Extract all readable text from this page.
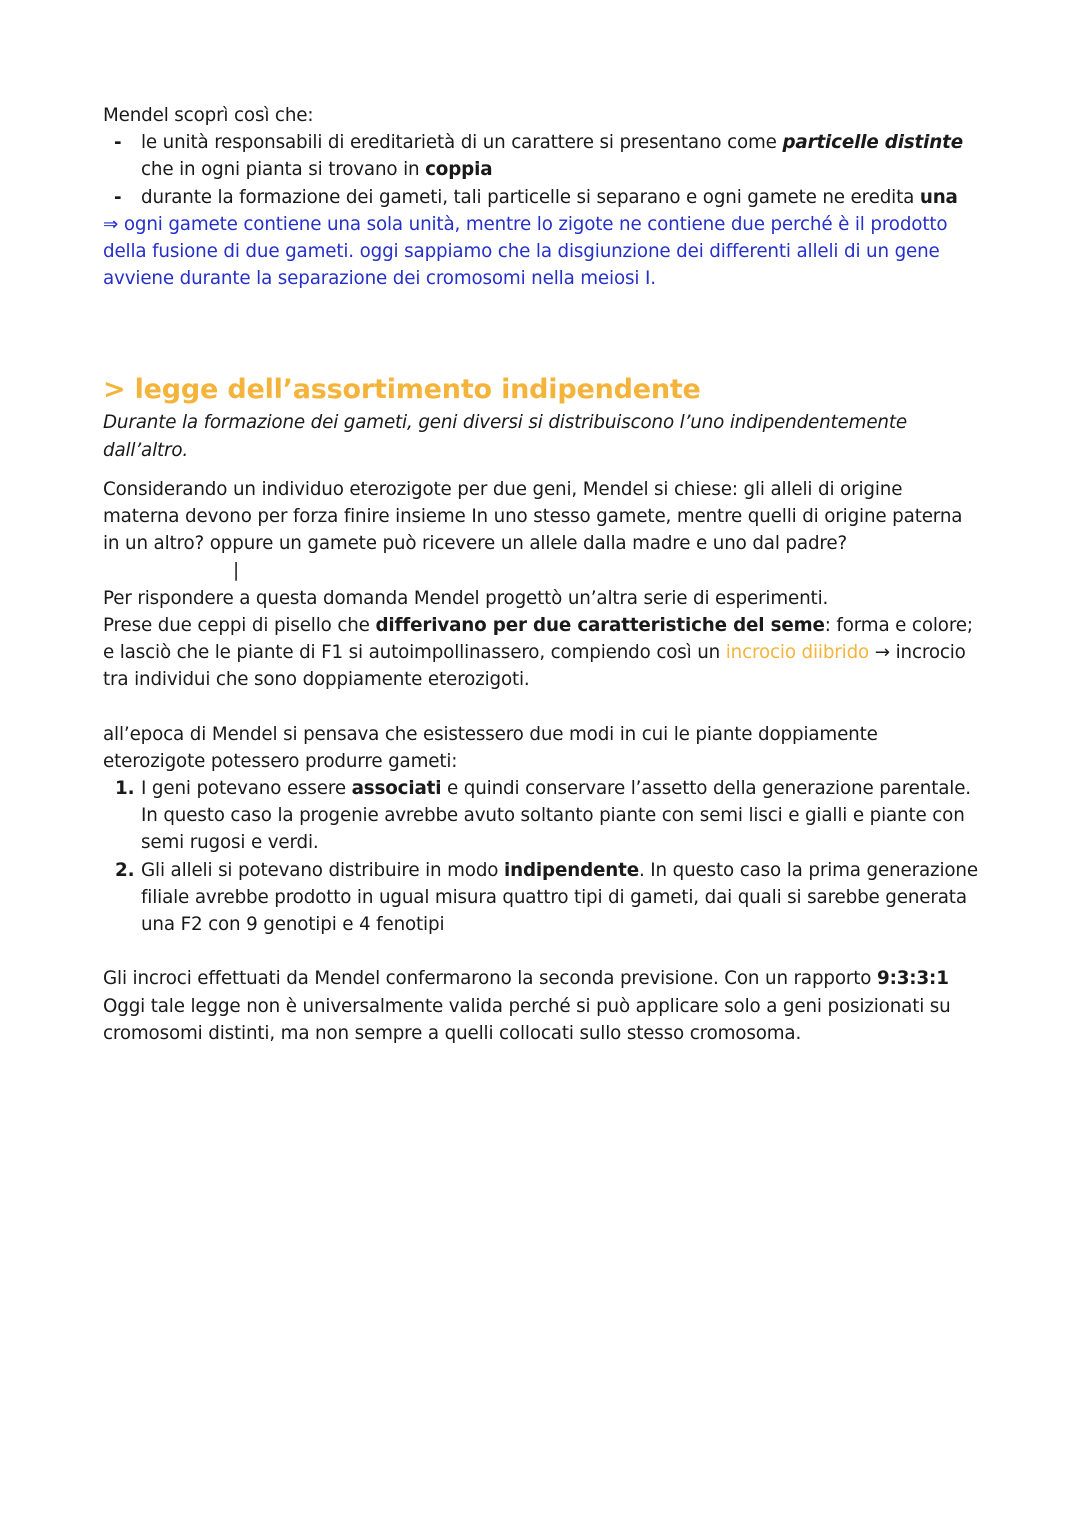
Mendel scoprì così che:

- le unità responsabili di ereditarietà di un carattere si presentano come particelle distinte che in ogni pianta si trovano in coppia
- durante la formazione dei gameti, tali particelle si separano e ogni gamete ne eredita una

⇒ ogni gamete contiene una sola unità, mentre lo zigote ne contiene due perché è il prodotto della fusione di due gameti. oggi sappiamo che la disgiunzione dei differenti alleli di un gene avviene durante la separazione dei cromosomi nella meiosi I.

> legge dell’assortimento indipendente

Durante la formazione dei gameti, geni diversi si distribuiscono l’uno indipendentemente dall’altro.

Considerando un individuo eterozigote per due geni, Mendel si chiese: gli alleli di origine materna devono per forza finire insieme In uno stesso gamete, mentre quelli di origine paterna in un altro? oppure un gamete può ricevere un allele dalla madre e uno dal padre?

|

Per rispondere a questa domanda Mendel progettò un’altra serie di esperimenti.

Prese due ceppi di pisello che differivano per due caratteristiche del seme: forma e colore; e lasciò che le piante di F1 si autoimpollinassero, compiendo così un incrocio diibrido → incrocio tra individui che sono doppiamente eterozigoti.

all’epoca di Mendel si pensava che esistessero due modi in cui le piante doppiamente eterozigote potessero produrre gameti:

1. I geni potevano essere associati e quindi conservare l’assetto della generazione parentale. In questo caso la progenie avrebbe avuto soltanto piante con semi lisci e gialli e piante con semi rugosi e verdi.
2. Gli alleli si potevano distribuire in modo indipendente. In questo caso la prima generazione filiale avrebbe prodotto in ugual misura quattro tipi di gameti, dai quali si sarebbe generata una F2 con 9 genotipi e 4 fenotipi

Gli incroci effettuati da Mendel confermarono la seconda previsione. Con un rapporto 9:3:3:1
Oggi tale legge non è universalmente valida perché si può applicare solo a geni posizionati su cromosomi distinti, ma non sempre a quelli collocati sullo stesso cromosoma.
